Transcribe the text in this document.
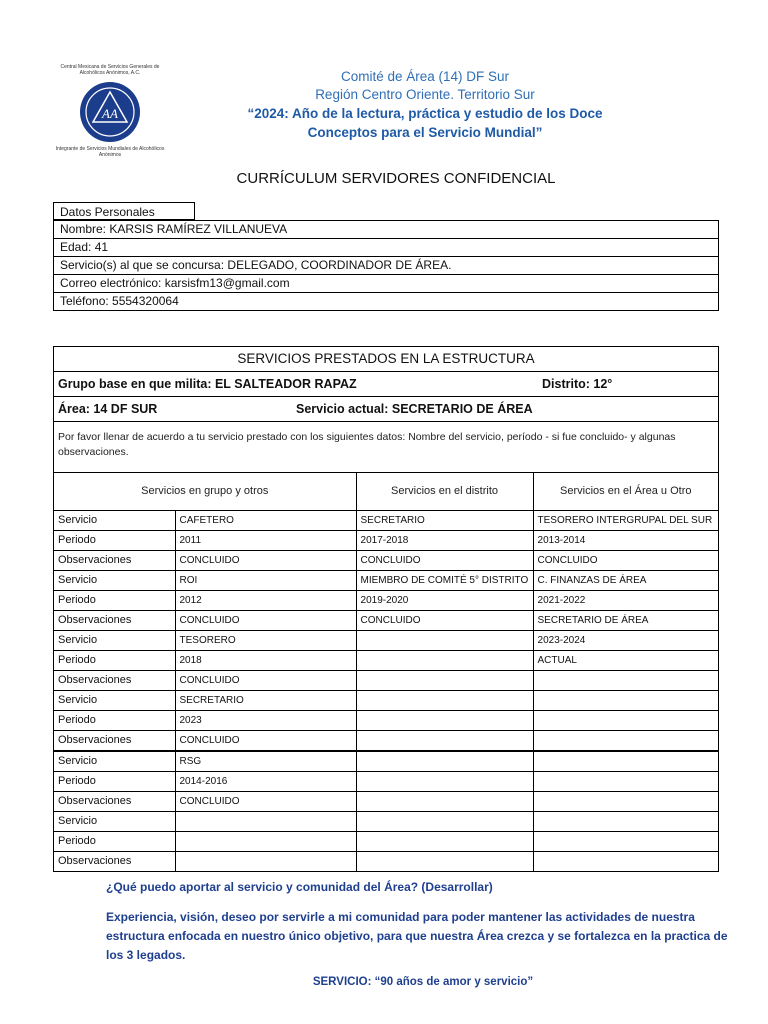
Central Mexicana de Servicios Generales de Alcohólicos Anónimos, A.C.
AA
Integrante de Servicios Mundiales de Alcohólicos Anónimos
Comité de Área (14) DF Sur
Región Centro Oriente. Territorio Sur
“2024: Año de la lectura, práctica y estudio de los Doce
Conceptos para el Servicio Mundial”
CURRÍCULUM SERVIDORES CONFIDENCIAL
Datos Personales
Nombre: KARSIS RAMÍREZ VILLANUEVA
Edad: 41
Servicio(s) al que se concursa: DELEGADO, COORDINADOR DE ÁREA.
Correo electrónico: karsisfm13@gmail.com
Teléfono: 5554320064
SERVICIOS PRESTADOS EN LA ESTRUCTURA
Grupo base en que milita: EL SALTEADOR RAPAZ	Distrito: 12°
Área: 14 DF SUR	Servicio actual: SECRETARIO DE ÁREA
Por favor llenar de acuerdo a tu servicio prestado con los siguientes datos: Nombre del servicio, período - si fue concluido- y algunas observaciones.
Servicios en grupo y otros		Servicios en el distrito	Servicios en el Área u Otro
Servicio	CAFETERO	SECRETARIO	TESORERO INTERGRUPAL DEL SUR
Periodo	2011	2017-2018	2013-2014
Observaciones	CONCLUIDO	CONCLUIDO	CONCLUIDO
Servicio	ROI	MIEMBRO DE COMITÉ 5° DISTRITO	C. FINANZAS DE ÁREA
Periodo	2012	2019-2020	2021-2022
Observaciones	CONCLUIDO	CONCLUIDO	SECRETARIO DE ÁREA
Servicio	TESORERO		2023-2024
Periodo	2018		ACTUAL
Observaciones	CONCLUIDO		
Servicio	SECRETARIO		
Periodo	2023		
Observaciones	CONCLUIDO		
Servicio	RSG		
Periodo	2014-2016		
Observaciones	CONCLUIDO		
Servicio			
Periodo			
Observaciones			
¿Qué puedo aportar al servicio y comunidad del Área? (Desarrollar)
Experiencia, visión, deseo por servirle a mi comunidad para poder mantener las actividades de nuestra estructura enfocada en nuestro único objetivo, para que nuestra Área crezca y se fortalezca en la practica de los 3 legados.
SERVICIO: “90 años de amor y servicio”
